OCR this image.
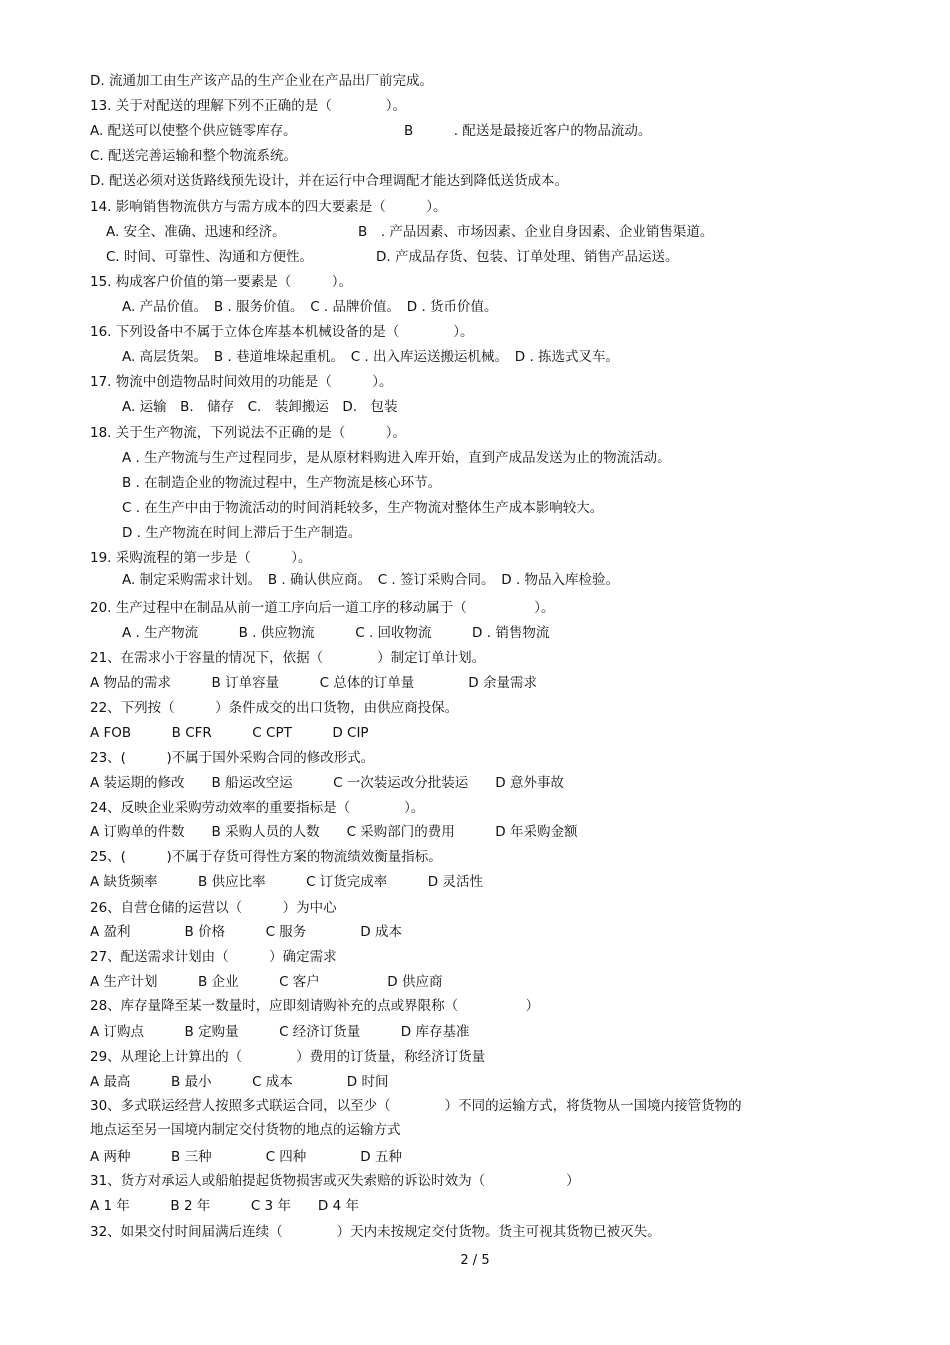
D. 流通加工由生产该产品的生产企业在产品出厂前完成。
13. 关于对配送的理解下列不正确的是（　　　　）。
A. 配送可以使整个供应链零库存。	B　　　. 配送是最接近客户的物品流动。
C. 配送完善运输和整个物流系统。
D. 配送必须对送货路线预先设计，并在运行中合理调配才能达到降低送货成本。
14. 影响销售物流供方与需方成本的四大要素是（　　　）。
A. 安全、准确、迅速和经济。	B　. 产品因素、市场因素、企业自身因素、企业销售渠道。
C. 时间、可靠性、沟通和方便性。	D. 产成品存货、包装、订单处理、销售产品运送。
15. 构成客户价值的第一要素是（　　　）。
A. 产品价值。　B . 服务价值。　C . 品牌价值。　D . 货币价值。
16. 下列设备中不属于立体仓库基本机械设备的是（　　　　）。
A. 高层货架。　B . 巷道堆垛起重机。　C . 出入库运送搬运机械。　D . 拣选式叉车。
17. 物流中创造物品时间效用的功能是（　　　）。
A. 运输　B.　储存　C.　装卸搬运　D.　包装
18. 关于生产物流，下列说法不正确的是（　　　）。
A . 生产物流与生产过程同步，是从原材料购进入库开始，直到产成品发送为止的物流活动。
B . 在制造企业的物流过程中，生产物流是核心环节。
C . 在生产中由于物流活动的时间消耗较多，生产物流对整体生产成本影响较大。
D . 生产物流在时间上滞后于生产制造。
19. 采购流程的第一步是（　　　）。
A. 制定采购需求计划。　B . 确认供应商。　C . 签订采购合同。　D . 物品入库检验。
20. 生产过程中在制品从前一道工序向后一道工序的移动属于（　　　　　）。
A . 生产物流　　　B . 供应物流　　　C . 回收物流　　　D . 销售物流
21、在需求小于容量的情况下，依据（　　　　）制定订单计划。
A 物品的需求　　　B 订单容量　　　C 总体的订单量　　　　D 余量需求
22、下列按（　　　）条件成交的出口货物，由供应商投保。
A FOB　　　B CFR　　　C CPT　　　D CIP
23、(　　　)不属于国外采购合同的修改形式。
A 装运期的修改　　B 船运改空运　　　C 一次装运改分批装运　　D 意外事故
24、反映企业采购劳动效率的重要指标是（　　　　）。
A 订购单的件数　　B 采购人员的人数　　C 采购部门的费用　　　D 年采购金额
25、(　　　)不属于存货可得性方案的物流绩效衡量指标。
A 缺货频率　　　B 供应比率　　　C 订货完成率　　　D 灵活性
26、自营仓储的运营以（　　　）为中心
A 盈利　　　　B 价格　　　C 服务　　　　D 成本
27、配送需求计划由（　　　）确定需求
A 生产计划　　　B 企业　　　C 客户　　　　　D 供应商
28、库存量降至某一数量时，应即刻请购补充的点或界限称（　　　　　）
A 订购点　　　B 定购量　　　C 经济订货量　　　D 库存基准
29、从理论上计算出的（　　　　）费用的订货量，称经济订货量
A 最高　　　B 最小　　　C 成本　　　　D 时间
30、多式联运经营人按照多式联运合同，以至少（　　　　）不同的运输方式，将货物从一国境内接管货物的
地点运至另一国境内制定交付货物的地点的运输方式
A 两种　　　B 三种　　　　C 四种　　　　D 五种
31、货方对承运人或船舶提起货物损害或灭失索赔的诉讼时效为（　　　　　　）
A 1 年　　　B 2 年　　　C 3 年　　D 4 年
32、如果交付时间届满后连续（　　　　）天内未按规定交付货物。货主可视其货物已被灭失。
2 / 5
